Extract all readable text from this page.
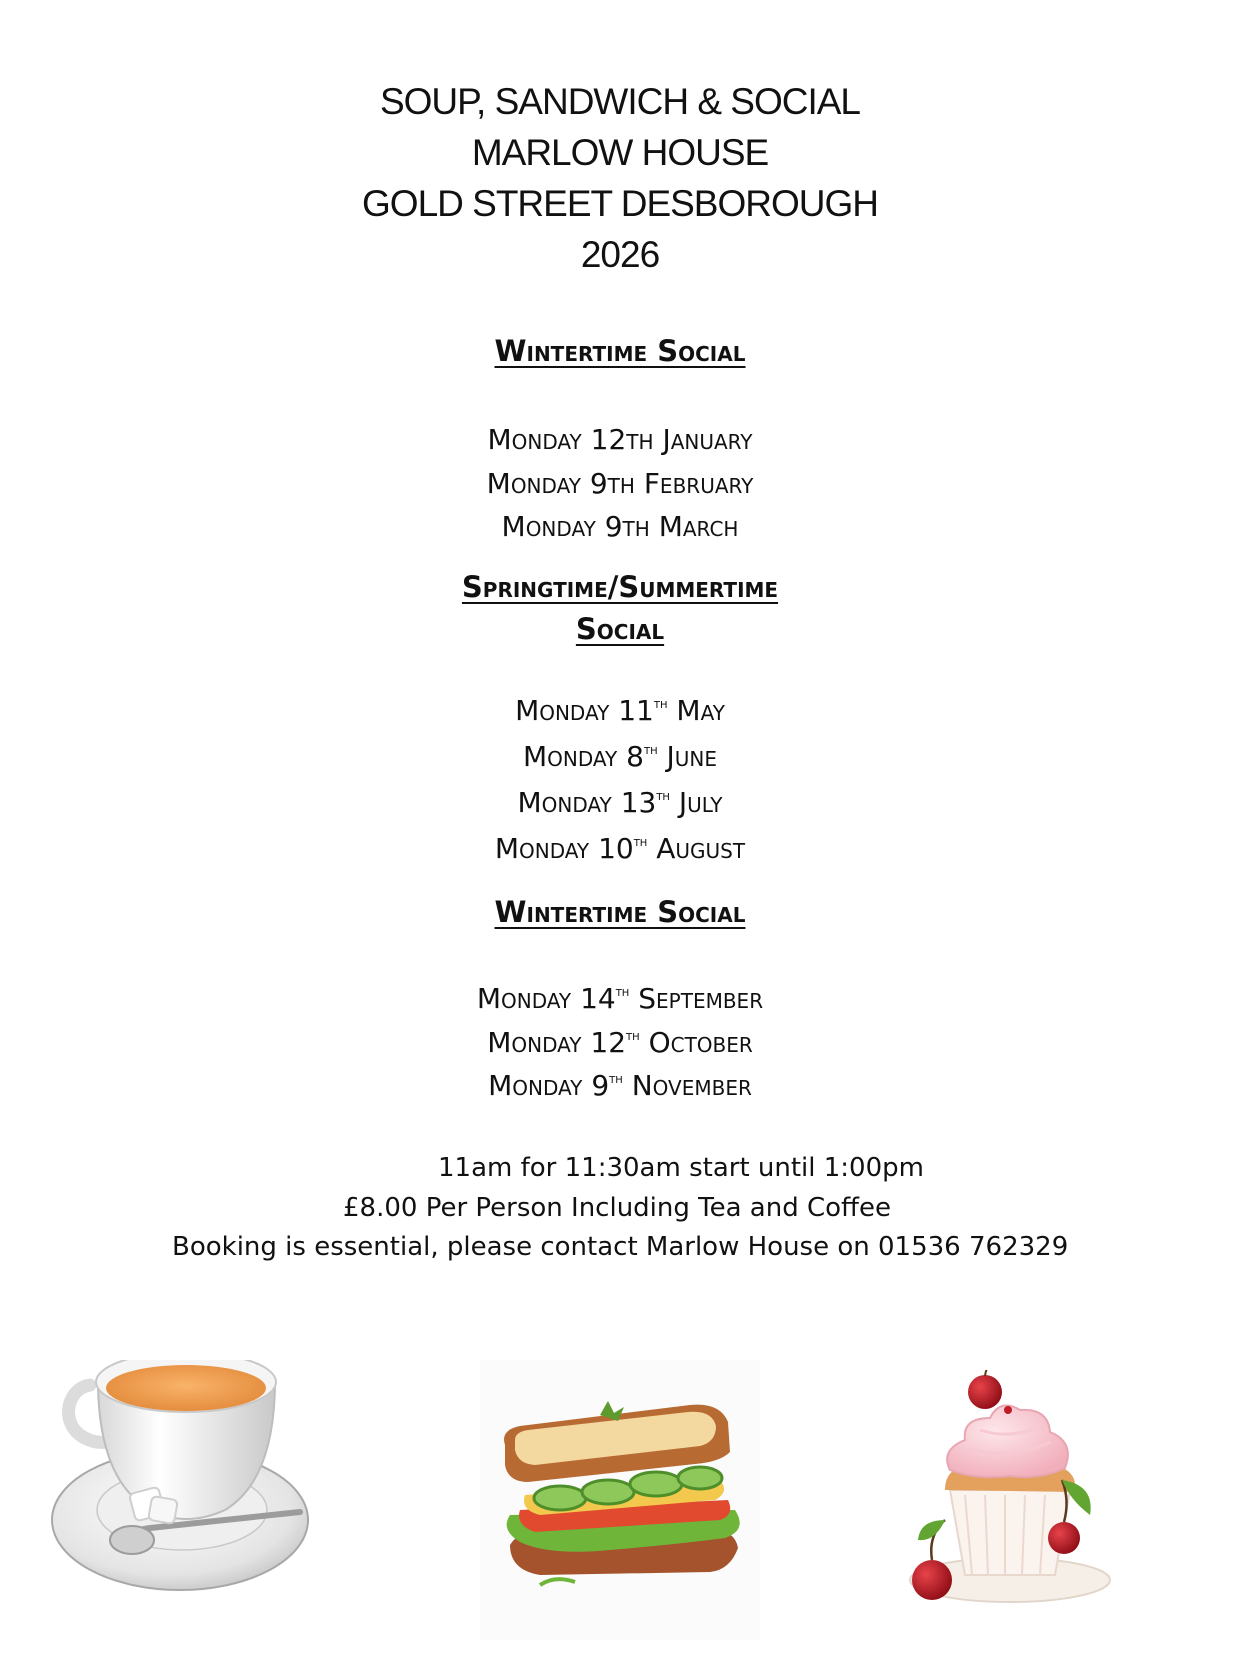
SOUP, SANDWICH & SOCIAL
MARLOW HOUSE
GOLD STREET DESBOROUGH
2026
Wintertime Social
Monday 12th January
Monday 9th February
Monday 9th March
Springtime/Summertime
Social
Monday 11th May
Monday 8th June
Monday 13th July
Monday 10th August
Wintertime Social
Monday 14th September
Monday 12th October
Monday 9th November
11am for 11:30am start until 1:00pm
£8.00 Per Person Including Tea and Coffee
Booking is essential, please contact Marlow House on 01536 762329
